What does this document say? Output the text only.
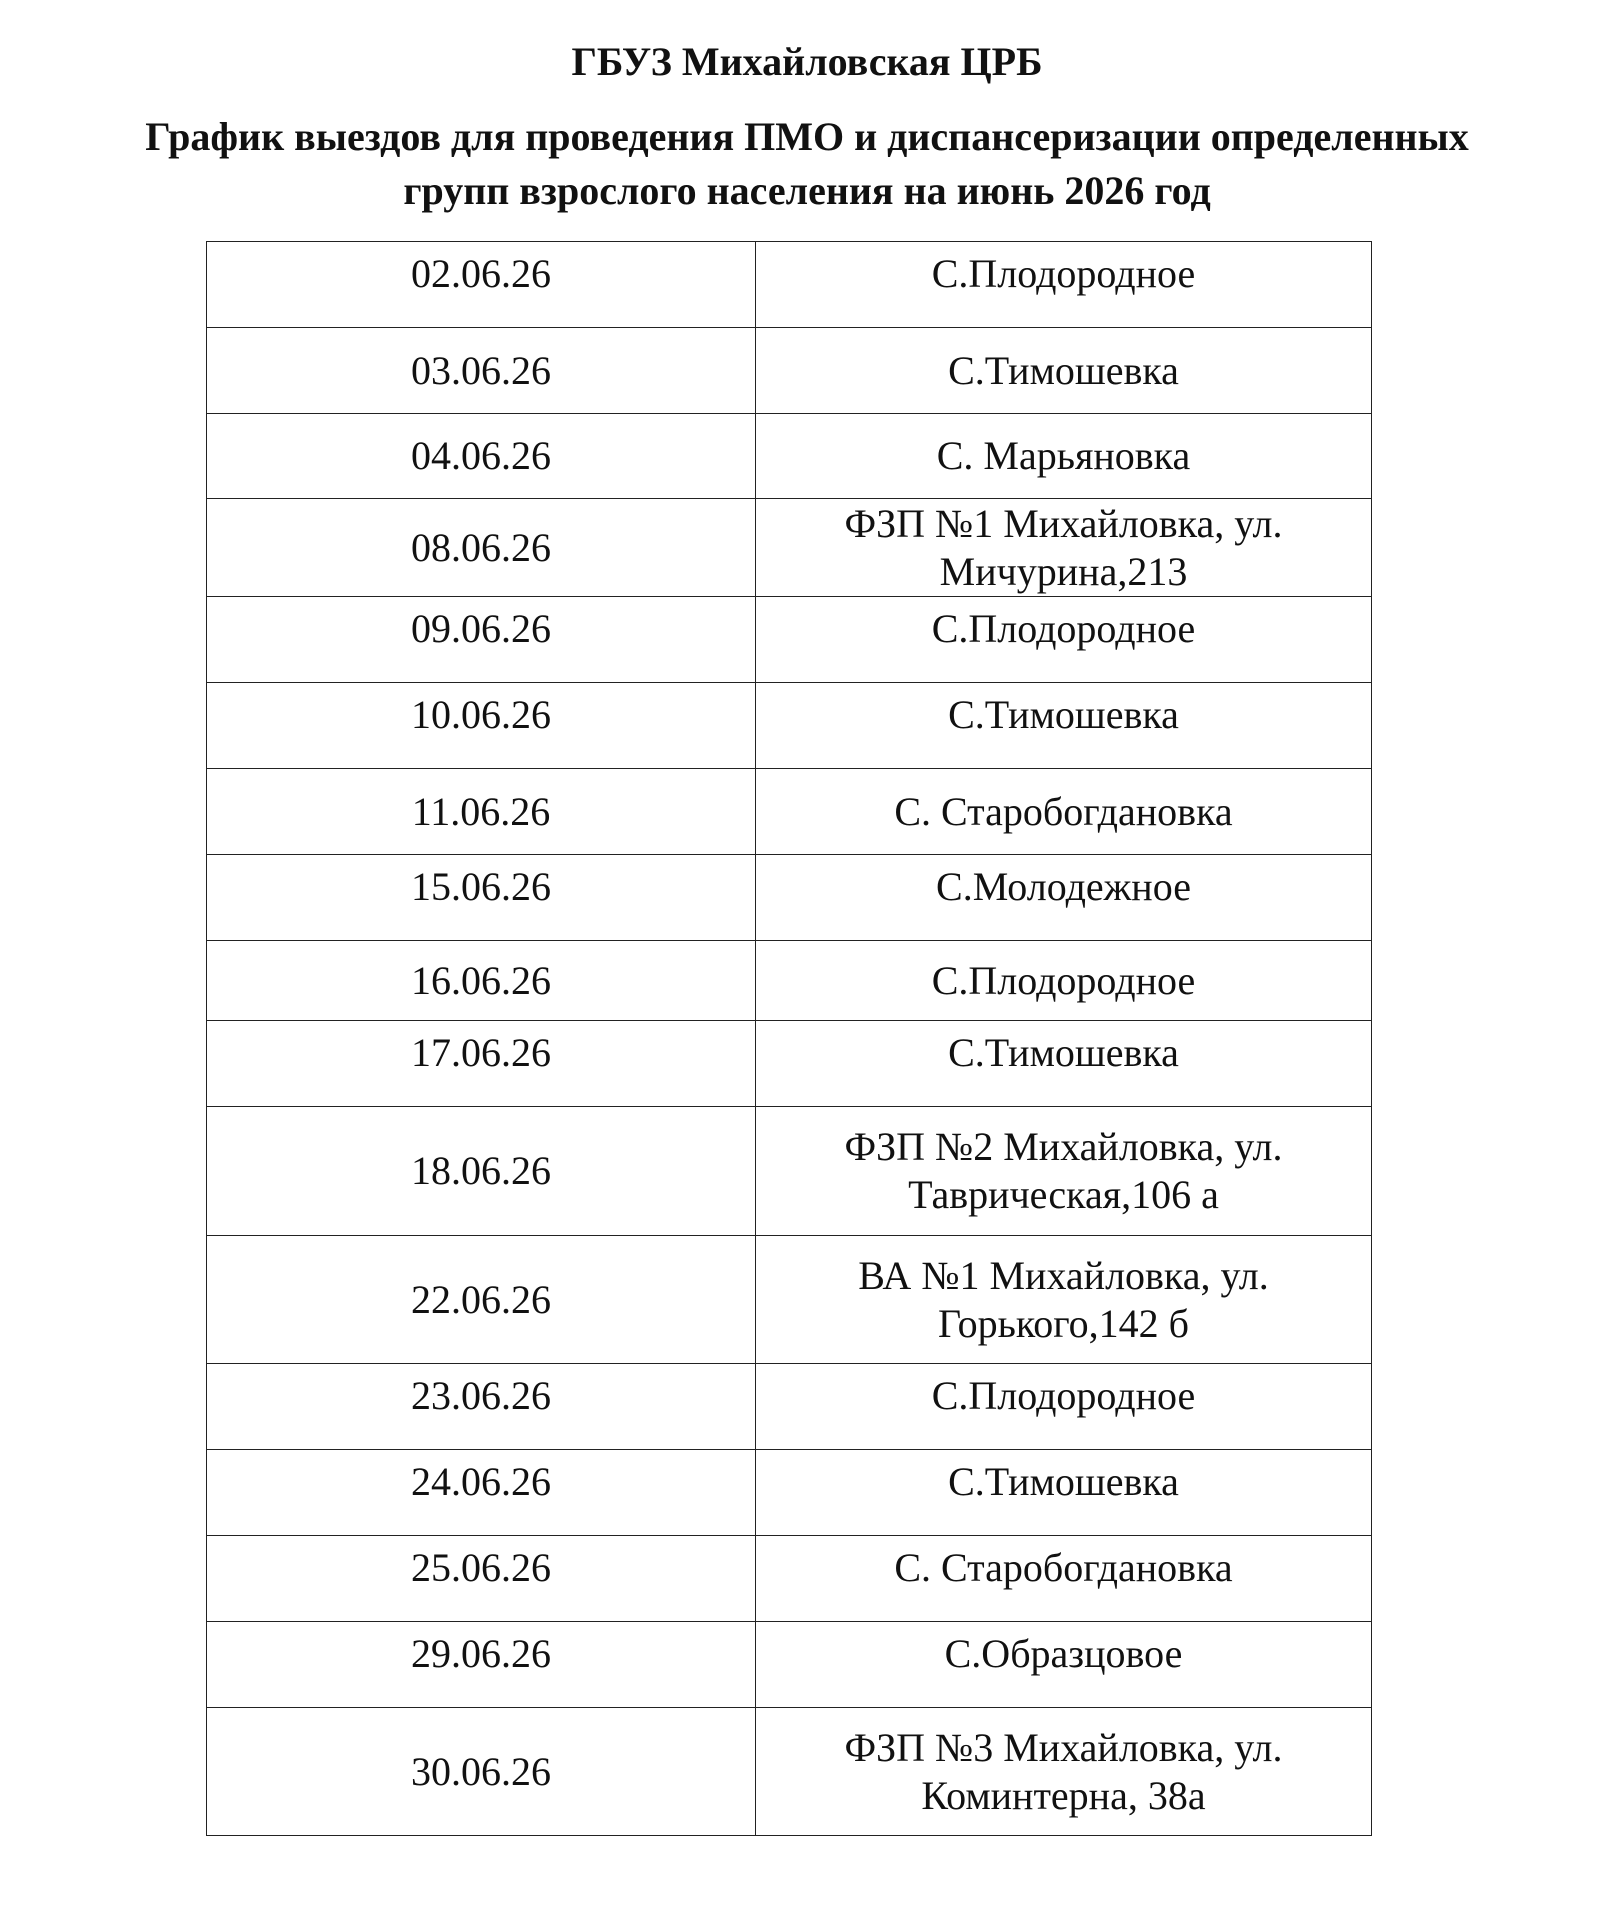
ГБУЗ Михайловская ЦРБ
График выездов для проведения ПМО и диспансеризации определенных групп взрослого населения на июнь 2026 год
02.06.26	С.Плодородное

03.06.26	С.Тимошевка

04.06.26	С. Марьяновка

08.06.26	ФЗП №1 Михайловка, ул. Мичурина,213

09.06.26	С.Плодородное

10.06.26	С.Тимошевка

11.06.26	С. Старобогдановка

15.06.26	С.Молодежное

16.06.26	С.Плодородное

17.06.26	С.Тимошевка

18.06.26	ФЗП №2 Михайловка, ул. Таврическая,106 а

22.06.26	ВА №1 Михайловка, ул. Горького,142 б

23.06.26	С.Плодородное

24.06.26	С.Тимошевка

25.06.26	С. Старобогдановка

29.06.26	С.Образцовое

30.06.26	ФЗП №3 Михайловка, ул. Коминтерна, 38а
